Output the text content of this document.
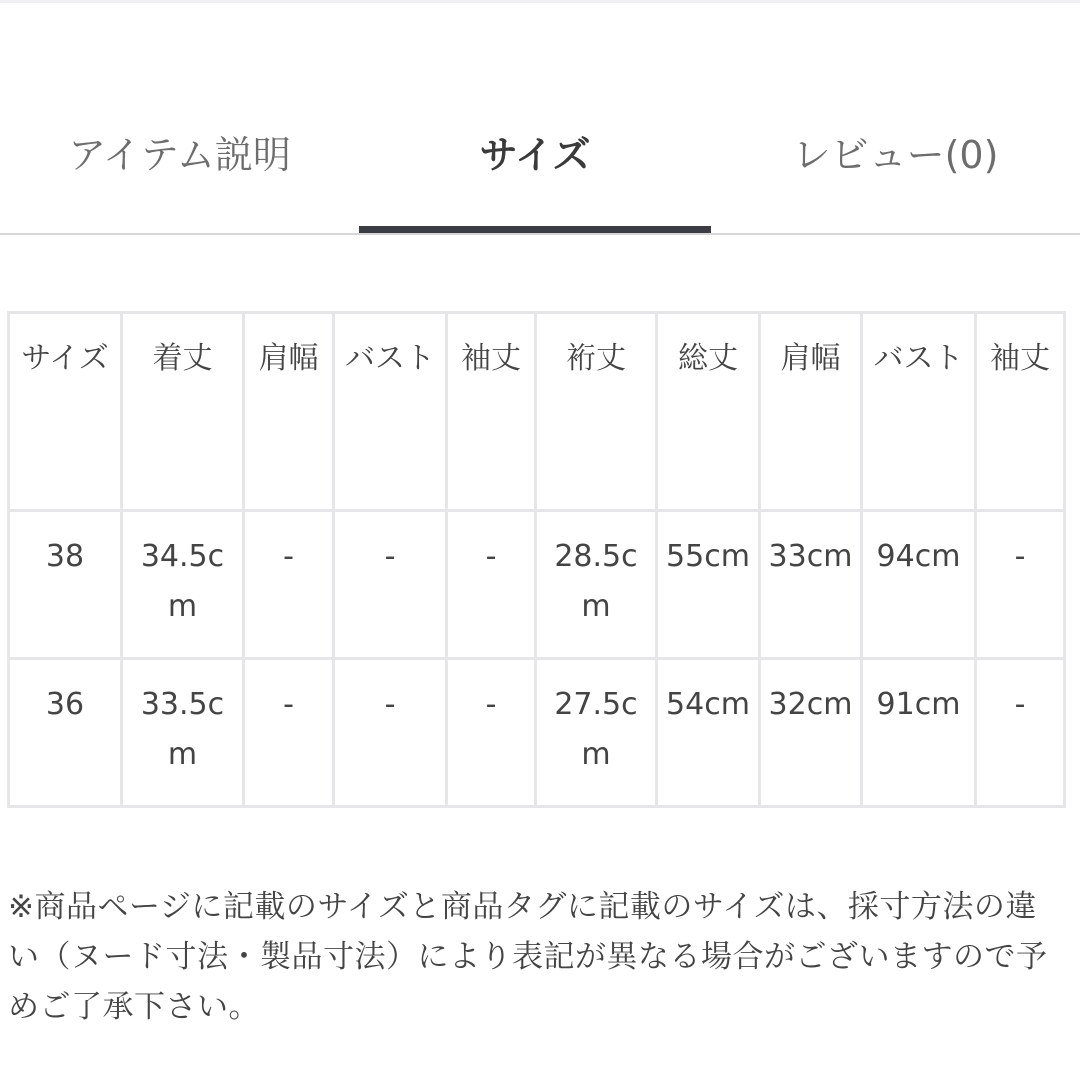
アイテム説明	サイズ	レビュー(0)
サイズ	着丈	肩幅	バスト	袖丈	裄丈	総丈	肩幅	バスト	袖丈
38	34.5cm	-	-	-	28.5cm	55cm	33cm	94cm	-
36	33.5cm	-	-	-	27.5cm	54cm	32cm	91cm	-
※商品ページに記載のサイズと商品タグに記載のサイズは、採寸方法の違い（ヌード寸法・製品寸法）により表記が異なる場合がございますので予めご了承下さい。
